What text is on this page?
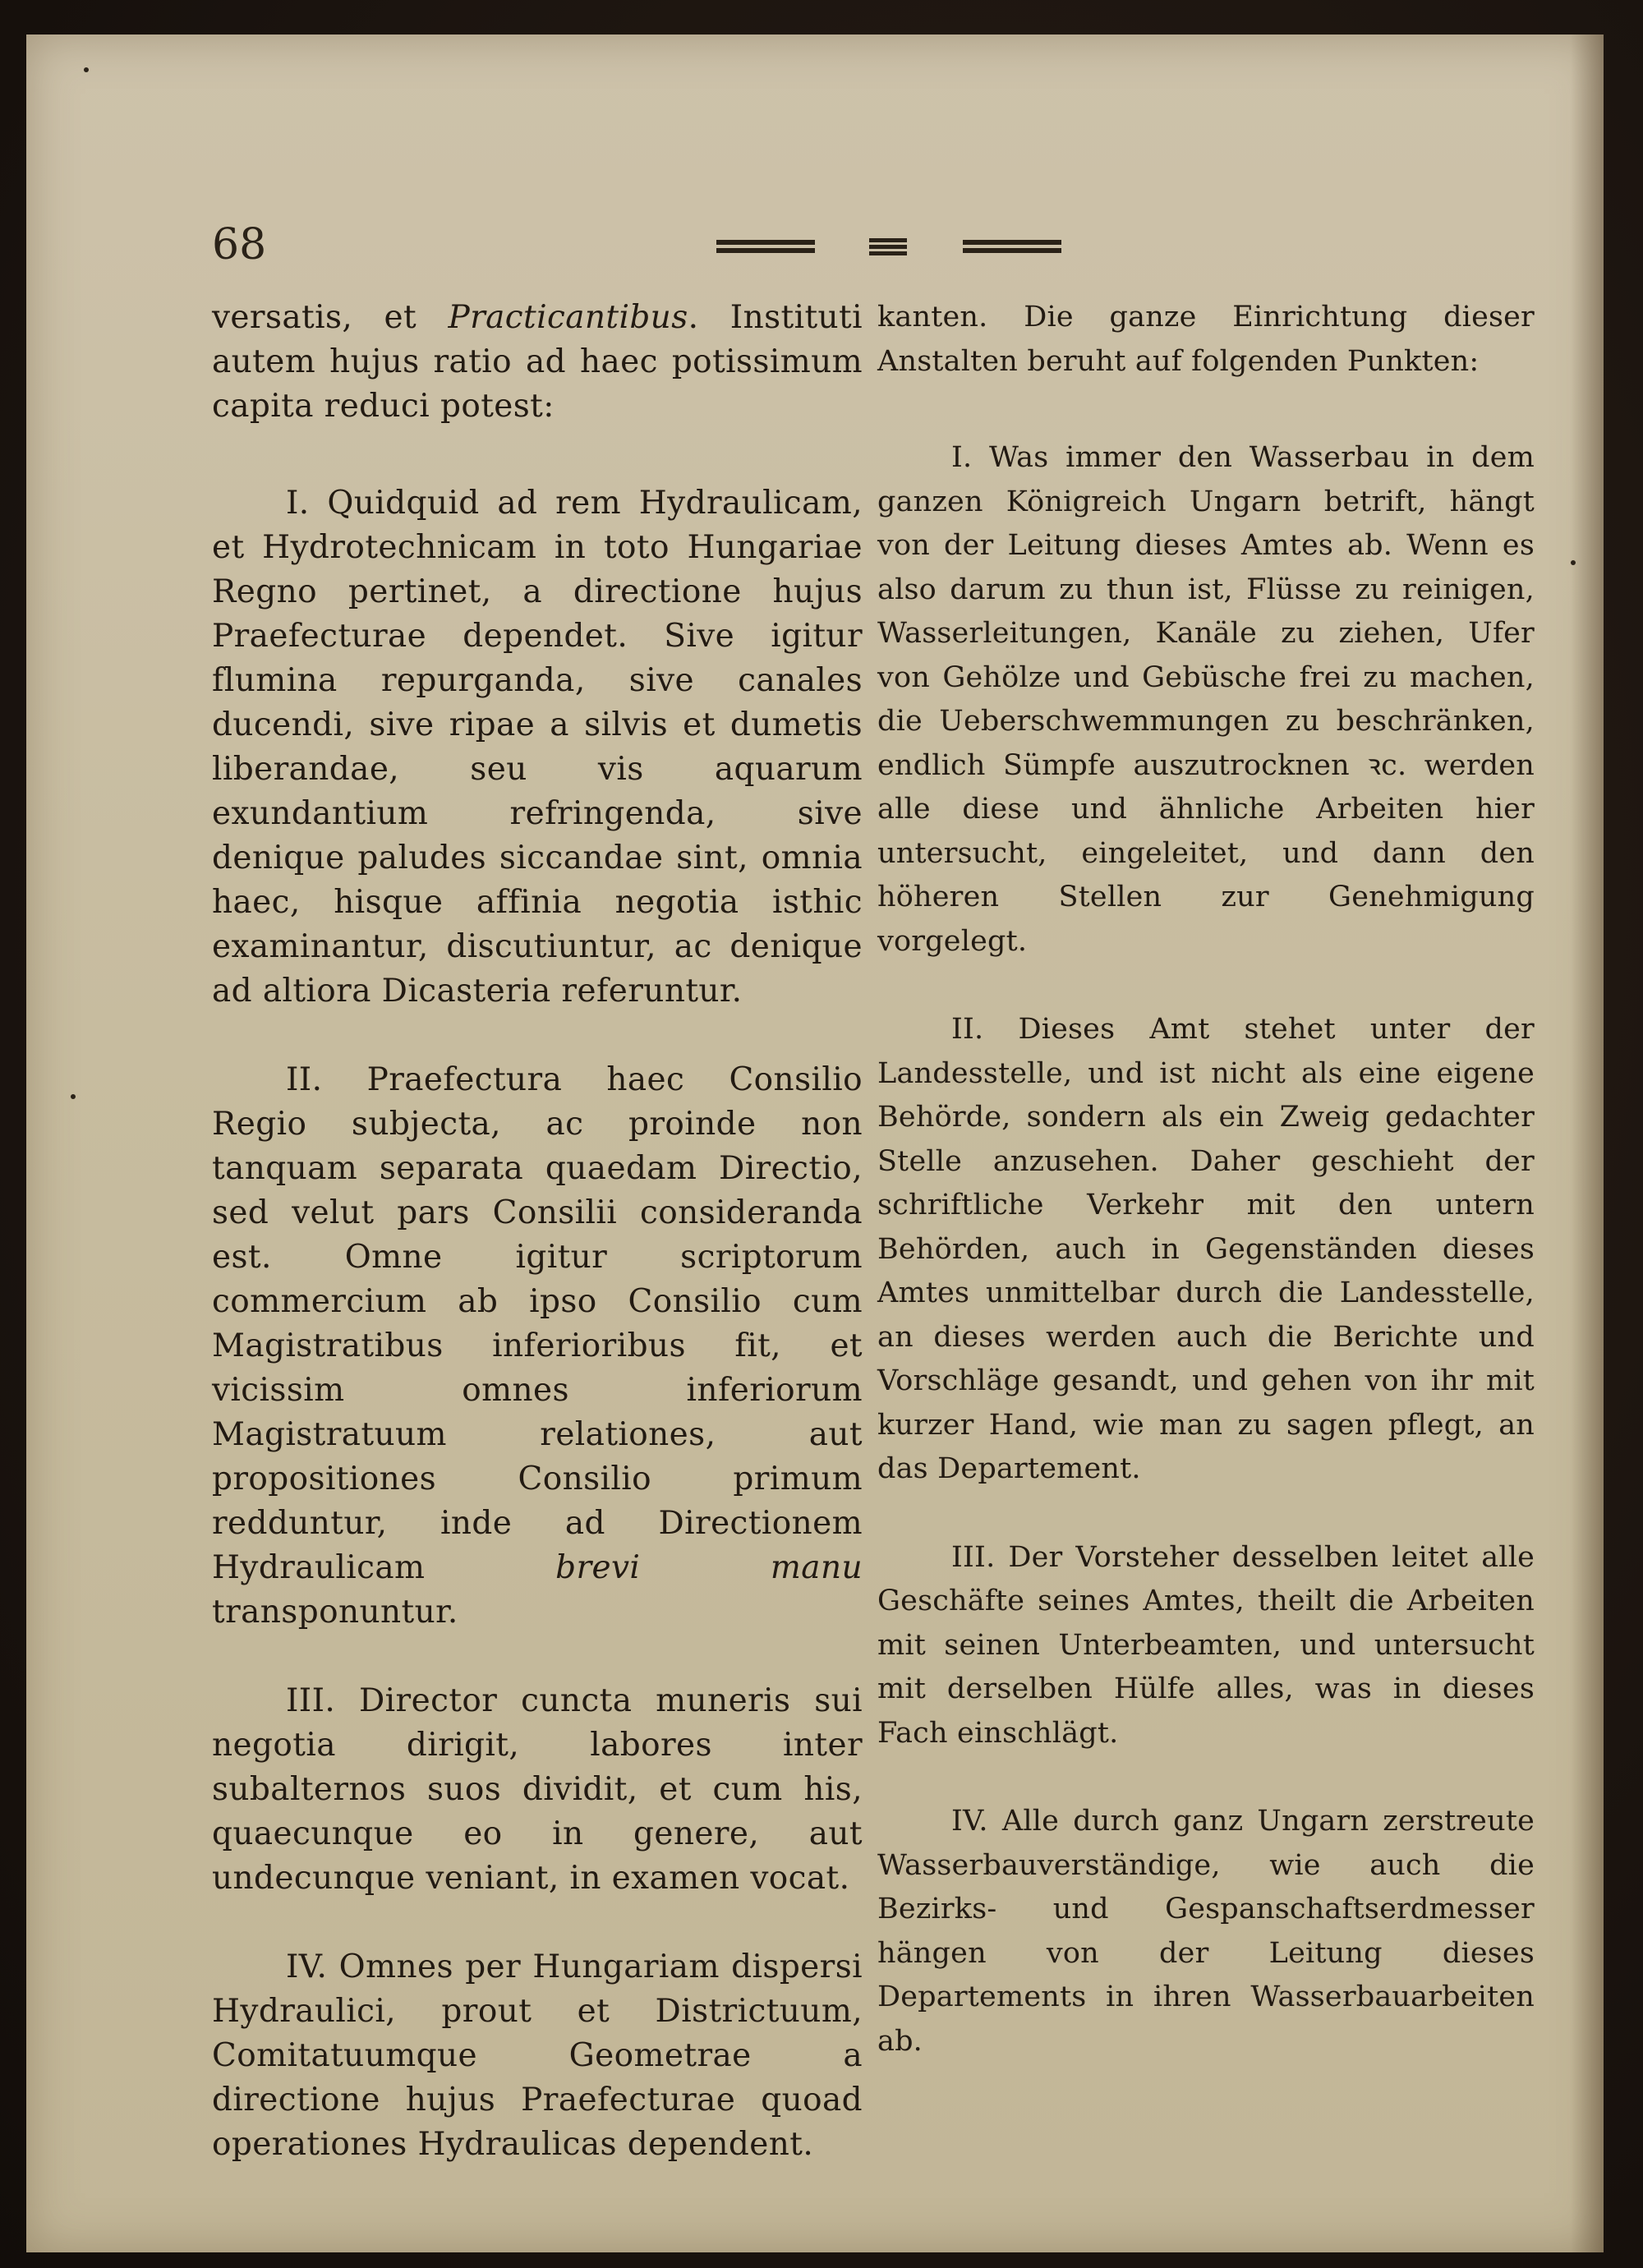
68

versatis, et Practicantibus. Instituti autem hujus ratio ad haec potissimum capita reduci potest:

I. Quidquid ad rem Hydraulicam, et Hydrotechnicam in toto Hungariae Regno pertinet, a directione hujus Praefecturae dependet. Sive igitur flumina repurganda, sive canales ducendi, sive ripae a silvis et dumetis liberandae, seu vis aquarum exundantium refringenda, sive denique paludes siccandae sint, omnia haec, hisque affinia negotia isthic examinantur, discutiuntur, ac denique ad altiora Dicasteria referuntur.

II. Praefectura haec Consilio Regio subjecta, ac proinde non tanquam separata quaedam Directio, sed velut pars Consilii consideranda est. Omne igitur scriptorum commercium ab ipso Consilio cum Magistratibus inferioribus fit, et vicissim omnes inferiorum Magistratuum relationes, aut propositiones Consilio primum redduntur, inde ad Directionem Hydraulicam brevi manu transponuntur.

III. Director cuncta muneris sui negotia dirigit, labores inter subalternos suos dividit, et cum his, quaecunque eo in genere, aut undecunque veniant, in examen vocat.

IV. Omnes per Hungariam dispersi Hydraulici, prout et Districtuum, Comitatuumque Geometrae a directione hujus Praefecturae quoad operationes Hydraulicas dependent.

kanten. Die ganze Einrichtung dieser Anstalten beruht auf folgenden Punkten:

I. Was immer den Wasserbau in dem ganzen Königreich Ungarn betrift, hängt von der Leitung dieses Amtes ab. Wenn es also darum zu thun ist, Flüsse zu reinigen, Wasserleitungen, Kanäle zu ziehen, Ufer von Gehölze und Gebüsche frei zu machen, die Ueberschwemmungen zu beschränken, endlich Sümpfe auszutrocknen ꝛc. werden alle diese und ähnliche Arbeiten hier untersucht, eingeleitet, und dann den höheren Stellen zur Genehmigung vorgelegt.

II. Dieses Amt stehet unter der Landesstelle, und ist nicht als eine eigene Behörde, sondern als ein Zweig gedachter Stelle anzusehen. Daher geschieht der schriftliche Verkehr mit den untern Behörden, auch in Gegenständen dieses Amtes unmittelbar durch die Landesstelle, an dieses werden auch die Berichte und Vorschläge gesandt, und gehen von ihr mit kurzer Hand, wie man zu sagen pflegt, an das Departement.

III. Der Vorsteher desselben leitet alle Geschäfte seines Amtes, theilt die Arbeiten mit seinen Unterbeamten, und untersucht mit derselben Hülfe alles, was in dieses Fach einschlägt.

IV. Alle durch ganz Ungarn zerstreute Wasserbauverständige, wie auch die Bezirks- und Gespanschaftserdmesser hängen von der Leitung dieses Departements in ihren Wasserbauarbeiten ab.
